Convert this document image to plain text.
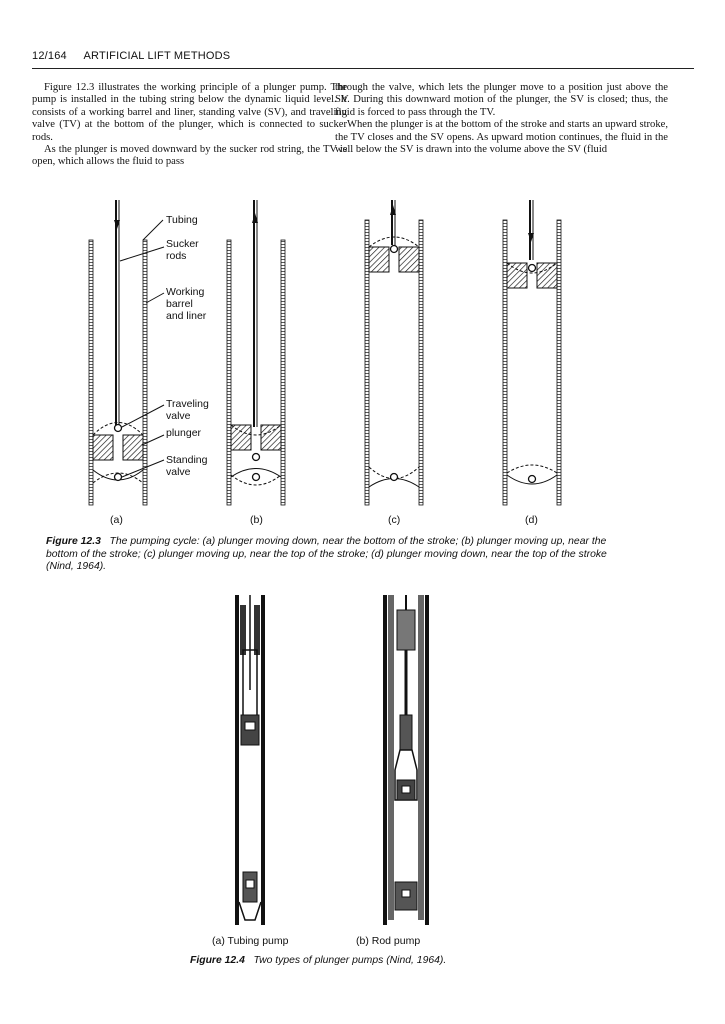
12/164 ARTIFICIAL LIFT METHODS

Figure 12.3 illustrates the working principle of a plunger pump. The pump is installed in the tubing string below the dynamic liquid level. It consists of a working barrel and liner, standing valve (SV), and traveling valve (TV) at the bottom of the plunger, which is connected to sucker rods.

As the plunger is moved downward by the sucker rod string, the TV is open, which allows the fluid to pass

through the valve, which lets the plunger move to a position just above the SV. During this downward motion of the plunger, the SV is closed; thus, the fluid is forced to pass through the TV.

When the plunger is at the bottom of the stroke and starts an upward stroke, the TV closes and the SV opens. As upward motion continues, the fluid in the well below the SV is drawn into the volume above the SV (fluid

Tubing
Sucker
rods
Working
barrel
and liner
Traveling
valve
plunger
Standing
valve
(a)	(b)	(c)	(d)
Figure 12.3 The pumping cycle: (a) plunger moving down, near the bottom of the stroke; (b) plunger moving up, near the bottom of the stroke; (c) plunger moving up, near the top of the stroke; (d) plunger moving down, near the top of the stroke (Nind, 1964).
(a) Tubing pump	(b) Rod pump
Figure 12.4 Two types of plunger pumps (Nind, 1964).
